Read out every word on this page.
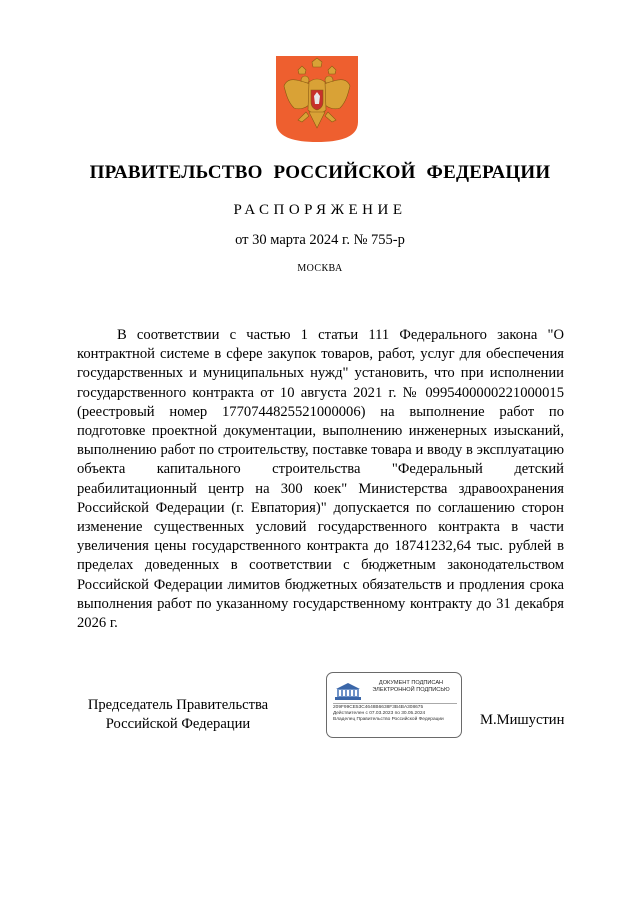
ПРАВИТЕЛЬСТВО РОССИЙСКОЙ ФЕДЕРАЦИИ
РАСПОРЯЖЕНИЕ
от 30 марта 2024 г. № 755-р
МОСКВА
В соответствии с частью 1 статьи 111 Федерального закона "О контрактной системе в сфере закупок товаров, работ, услуг для обеспечения государственных и муниципальных нужд" установить, что при исполнении государственного контракта от 10 августа 2021 г. № 0995400000221000015 (реестровый номер 1770744825521000006) на выполнение работ по подготовке проектной документации, выполнению инженерных изысканий, выполнению работ по строительству, поставке товара и вводу в эксплуатацию объекта капитального строительства "Федеральный детский реабилитационный центр на 300 коек" Министерства здравоохранения Российской Федерации (г. Евпатория)" допускается по соглашению сторон изменение существенных условий государственного контракта в части увеличения цены государственного контракта до 18741232,64 тыс. рублей в пределах доведенных в соответствии с бюджетным законодательством Российской Федерации лимитов бюджетных обязательств и продления срока выполнения работ по указанному государственному контракту до 31 декабря 2026 г.
Председатель Правительства
Российской Федерации
ДОКУМЕНТ ПОДПИСАН
ЭЛЕКТРОННОЙ ПОДПИСЬЮ
209F99CE53C4648B6638F3B4BA308675
Действителен с 07.03.2023 по 30.05.2024
Владелец Правительство Российской Федерации	М.Мишустин
